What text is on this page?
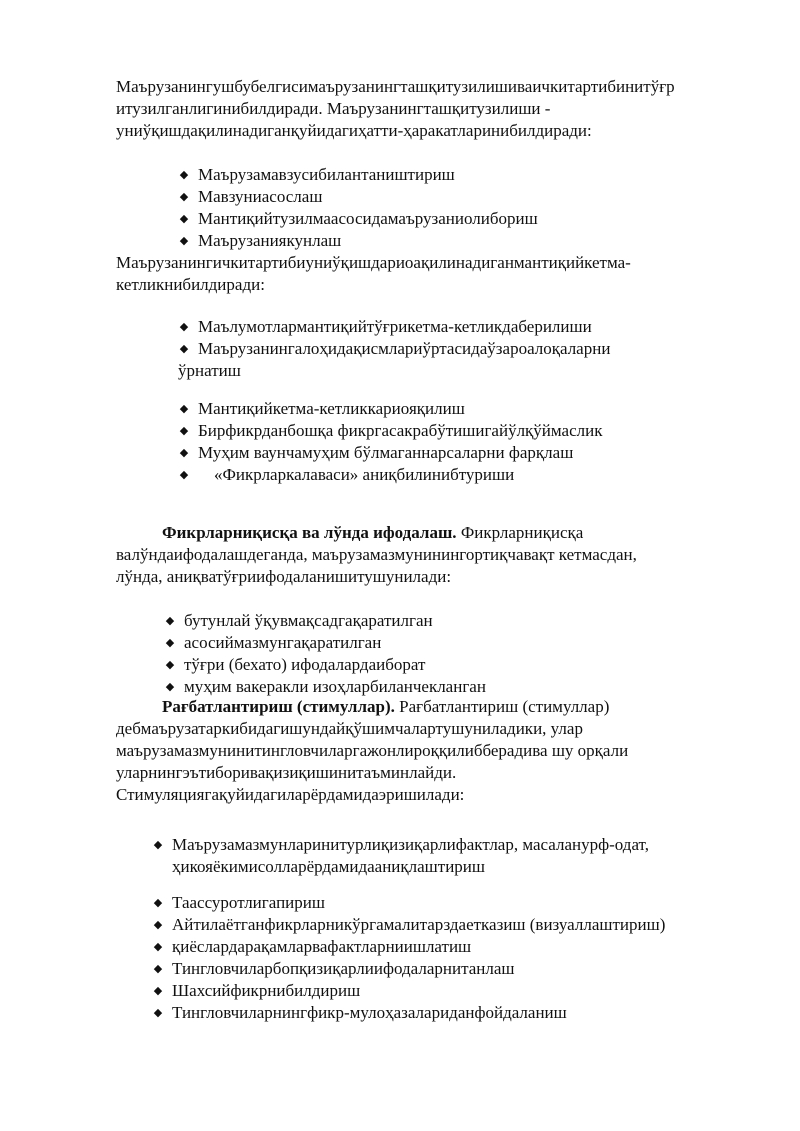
Маърузанингушбубелгисимаърузанингташқитузилишиваичкитартибинитўғр
итузилганлигинибилдиради. Маърузанингташқитузилиши -
униўқишдақилинадиганқуйидагиҳатти-ҳаракатларинибилдиради:
◆ Маърузамавзусибилантаништириш
◆ Мавзуниасослаш
◆ Мантиқийтузилмаасосидамаърузаниолибориш
◆ Маърузаниякунлаш
Маърузанингичкитартибиуниўқишдариоақилинадиганмантиқийкетма-
кетликнибилдиради:
◆ Маълумотлармантиқийтўғрикетма-кетликдаберилиши
◆ Маърузанингалоҳидақисмлариўртасидаўзароалоқаларни
ўрнатиш
◆ Мантиқийкетма-кетликкариояқилиш
◆ Бирфикрданбошқа фикргасакрабўтишигайўлқўймаслик
◆ Муҳим ваунчамуҳим бўлмаганнарсаларни фарқлаш
◆ «Фикрларкалаваси» аниқбилинибтуриши
Фикрларниқисқа ва лўнда ифодалаш. Фикрларниқисқа
валўндаифодалашдеганда, маърузамазмунинингортиқчавақт кетмасдан,
лўнда, аниқватўғриифодаланишитушунилади:
◆ бутунлай ўқувмақсадгақаратилган
◆ асосиймазмунгақаратилган
◆ тўғри (бехато) ифодалардаиборат
◆ муҳим вакеракли изоҳларбиланчекланган
Рағбатлантириш (стимуллар). Рағбатлантириш (стимуллар)
дебмаърузатаркибидагишундайқўшимчалартушуниладики, улар
маърузамазмунинитингловчиларгажонлироққилибберадива шу орқали
уларнингэътиборивақизиқишинитаъминлайди.
Стимуляциягақуйидагиларёрдамидаэришилади:
◆ Маърузамазмунларинитурлиқизиқарлифактлар, масаланурф-одат,
ҳикояёкимисолларёрдамидааниқлаштириш
◆ Таассуротлигапириш
◆ Айтилаётганфикрларникўргамалитарздаетказиш (визуаллаштириш)
◆ қиёслардарақамларвафактларниишлатиш
◆ Тингловчиларбопқизиқарлиифодаларнитанлаш
◆ Шахсийфикрнибилдириш
◆ Тингловчиларнингфикр-мулоҳазалариданфойдаланиш
